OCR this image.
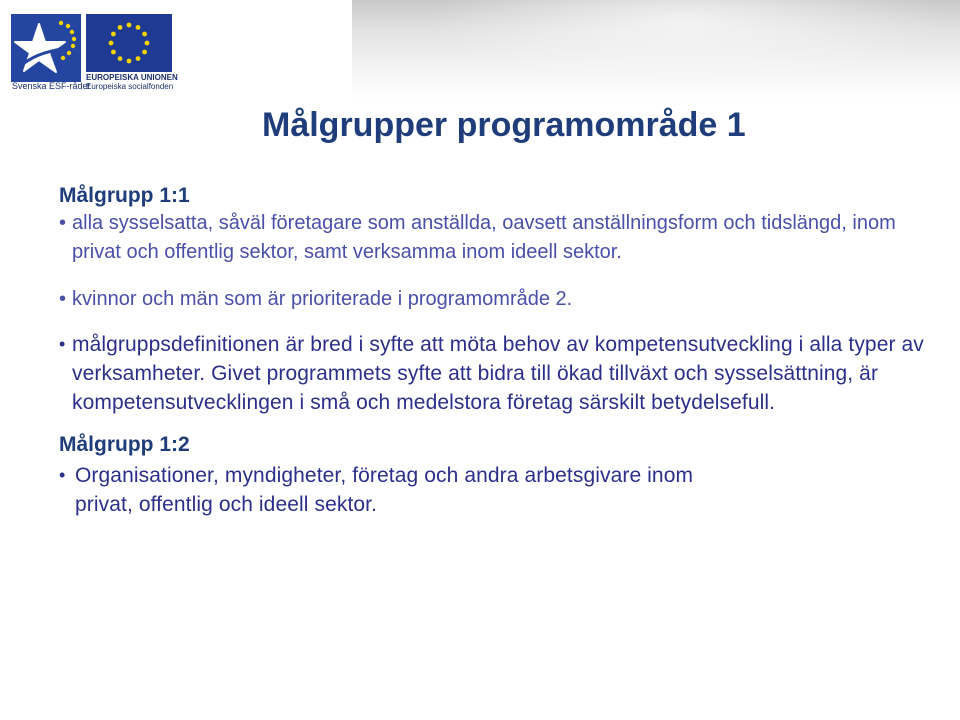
Svenska ESF-rådet
EUROPEISKA UNIONEN
Europeiska socialfonden
Målgrupper programområde 1

Målgrupp 1:1

• alla sysselsatta, såväl företagare som anställda, oavsett anställningsform och tidslängd, inom privat och offentlig sektor, samt verksamma inom ideell sektor.
• kvinnor och män som är prioriterade i programområde 2.
• målgruppsdefinitionen är bred i syfte att möta behov av kompetensutveckling i alla typer av verksamheter. Givet programmets syfte att bidra till ökad tillväxt och sysselsättning, är kompetensutvecklingen i små och medelstora företag särskilt betydelsefull.

Målgrupp 1:2

• Organisationer, myndigheter, företag och andra arbetsgivare inom privat, offentlig och ideell sektor.
